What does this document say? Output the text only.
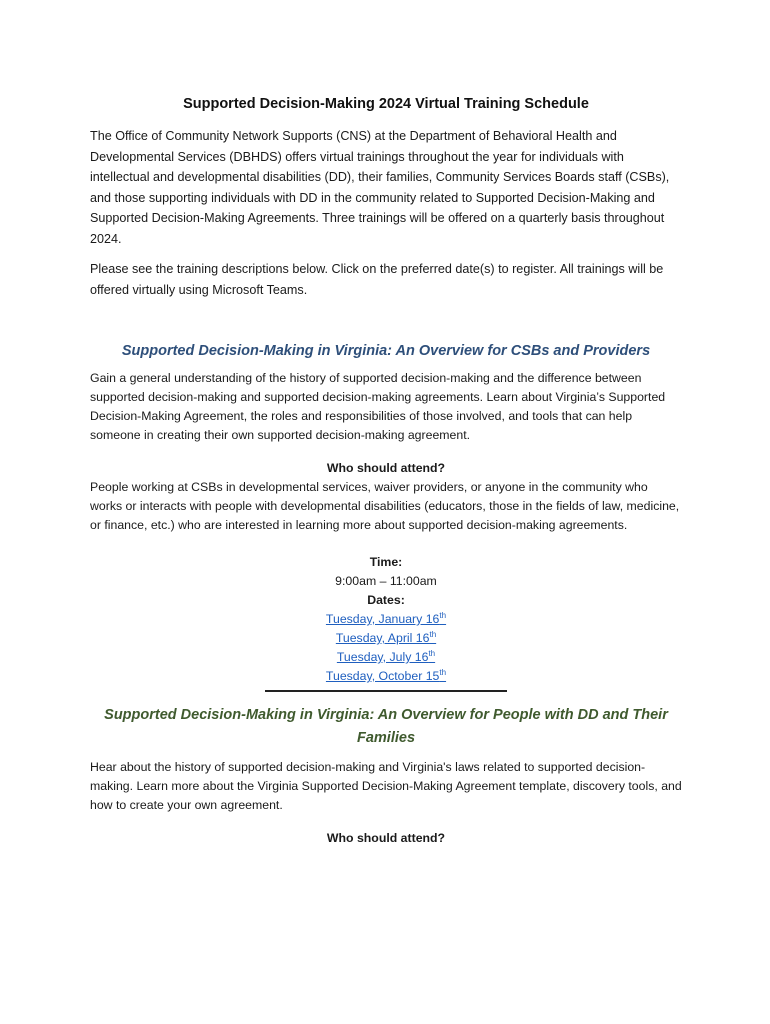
Supported Decision-Making 2024 Virtual Training Schedule

The Office of Community Network Supports (CNS) at the Department of Behavioral Health and Developmental Services (DBHDS) offers virtual trainings throughout the year for individuals with intellectual and developmental disabilities (DD), their families, Community Services Boards staff (CSBs), and those supporting individuals with DD in the community related to Supported Decision-Making and Supported Decision-Making Agreements. Three trainings will be offered on a quarterly basis throughout 2024.

Please see the training descriptions below. Click on the preferred date(s) to register. All trainings will be offered virtually using Microsoft Teams.

Supported Decision-Making in Virginia: An Overview for CSBs and Providers

Gain a general understanding of the history of supported decision-making and the difference between supported decision-making and supported decision-making agreements. Learn about Virginia’s Supported Decision-Making Agreement, the roles and responsibilities of those involved, and tools that can help someone in creating their own supported decision-making agreement.

Who should attend?
People working at CSBs in developmental services, waiver providers, or anyone in the community who works or interacts with people with developmental disabilities (educators, those in the fields of law, medicine, or finance, etc.) who are interested in learning more about supported decision-making agreements.
Time:
9:00am – 11:00am
Dates:
Tuesday, January 16th
Tuesday, April 16th
Tuesday, July 16th
Tuesday, October 15th
Supported Decision-Making in Virginia: An Overview for People with DD and Their Families

Hear about the history of supported decision-making and Virginia's laws related to supported decision-making. Learn more about the Virginia Supported Decision-Making Agreement template, discovery tools, and how to create your own agreement.

Who should attend?
